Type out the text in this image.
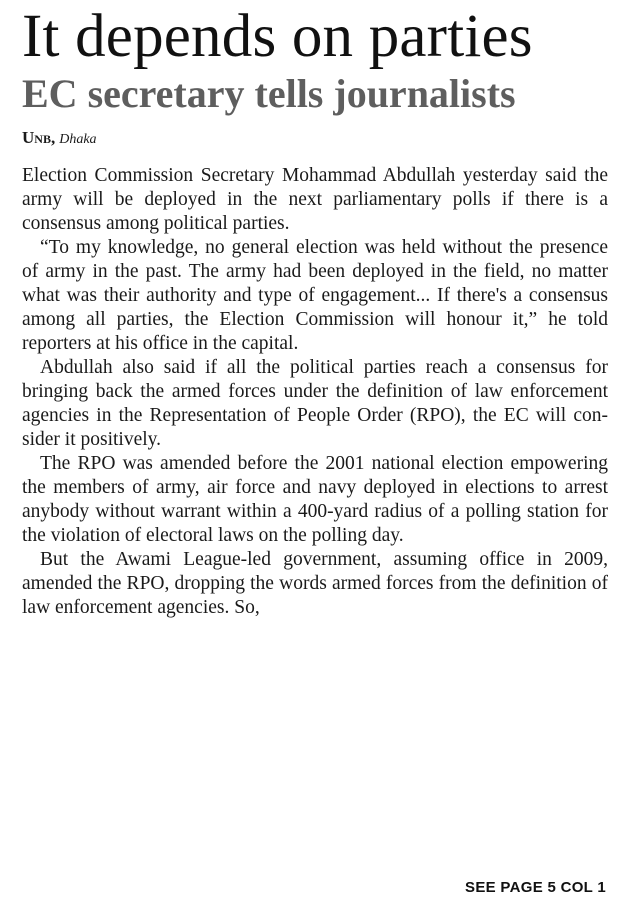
It depends on parties
EC secretary tells journalists
Unb, Dhaka

Election Commission Secretary Mohammad Abdullah yesterday said the army will be deployed in the next parliamentary polls if there is a consensus among political parties.

“To my knowledge, no general election was held without the presence of army in the past. The army had been deployed in the field, no matter what was their authority and type of engagement... If there's a consensus among all parties, the Election Commission will honour it,” he told reporters at his office in the capital.

Abdullah also said if all the political parties reach a consensus for bringing back the armed forces under the definition of law enforcement agencies in the Representation of People Order (RPO), the EC will consider it positively.

The RPO was amended before the 2001 national election empowering the members of army, air force and navy deployed in elections to arrest anybody without warrant within a 400-yard radius of a polling station for the violation of electoral laws on the polling day.

But the Awami League-led government, assuming office in 2009, amended the RPO, dropping the words armed forces from the definition of law enforcement agencies. So,

SEE PAGE 5 COL 1
